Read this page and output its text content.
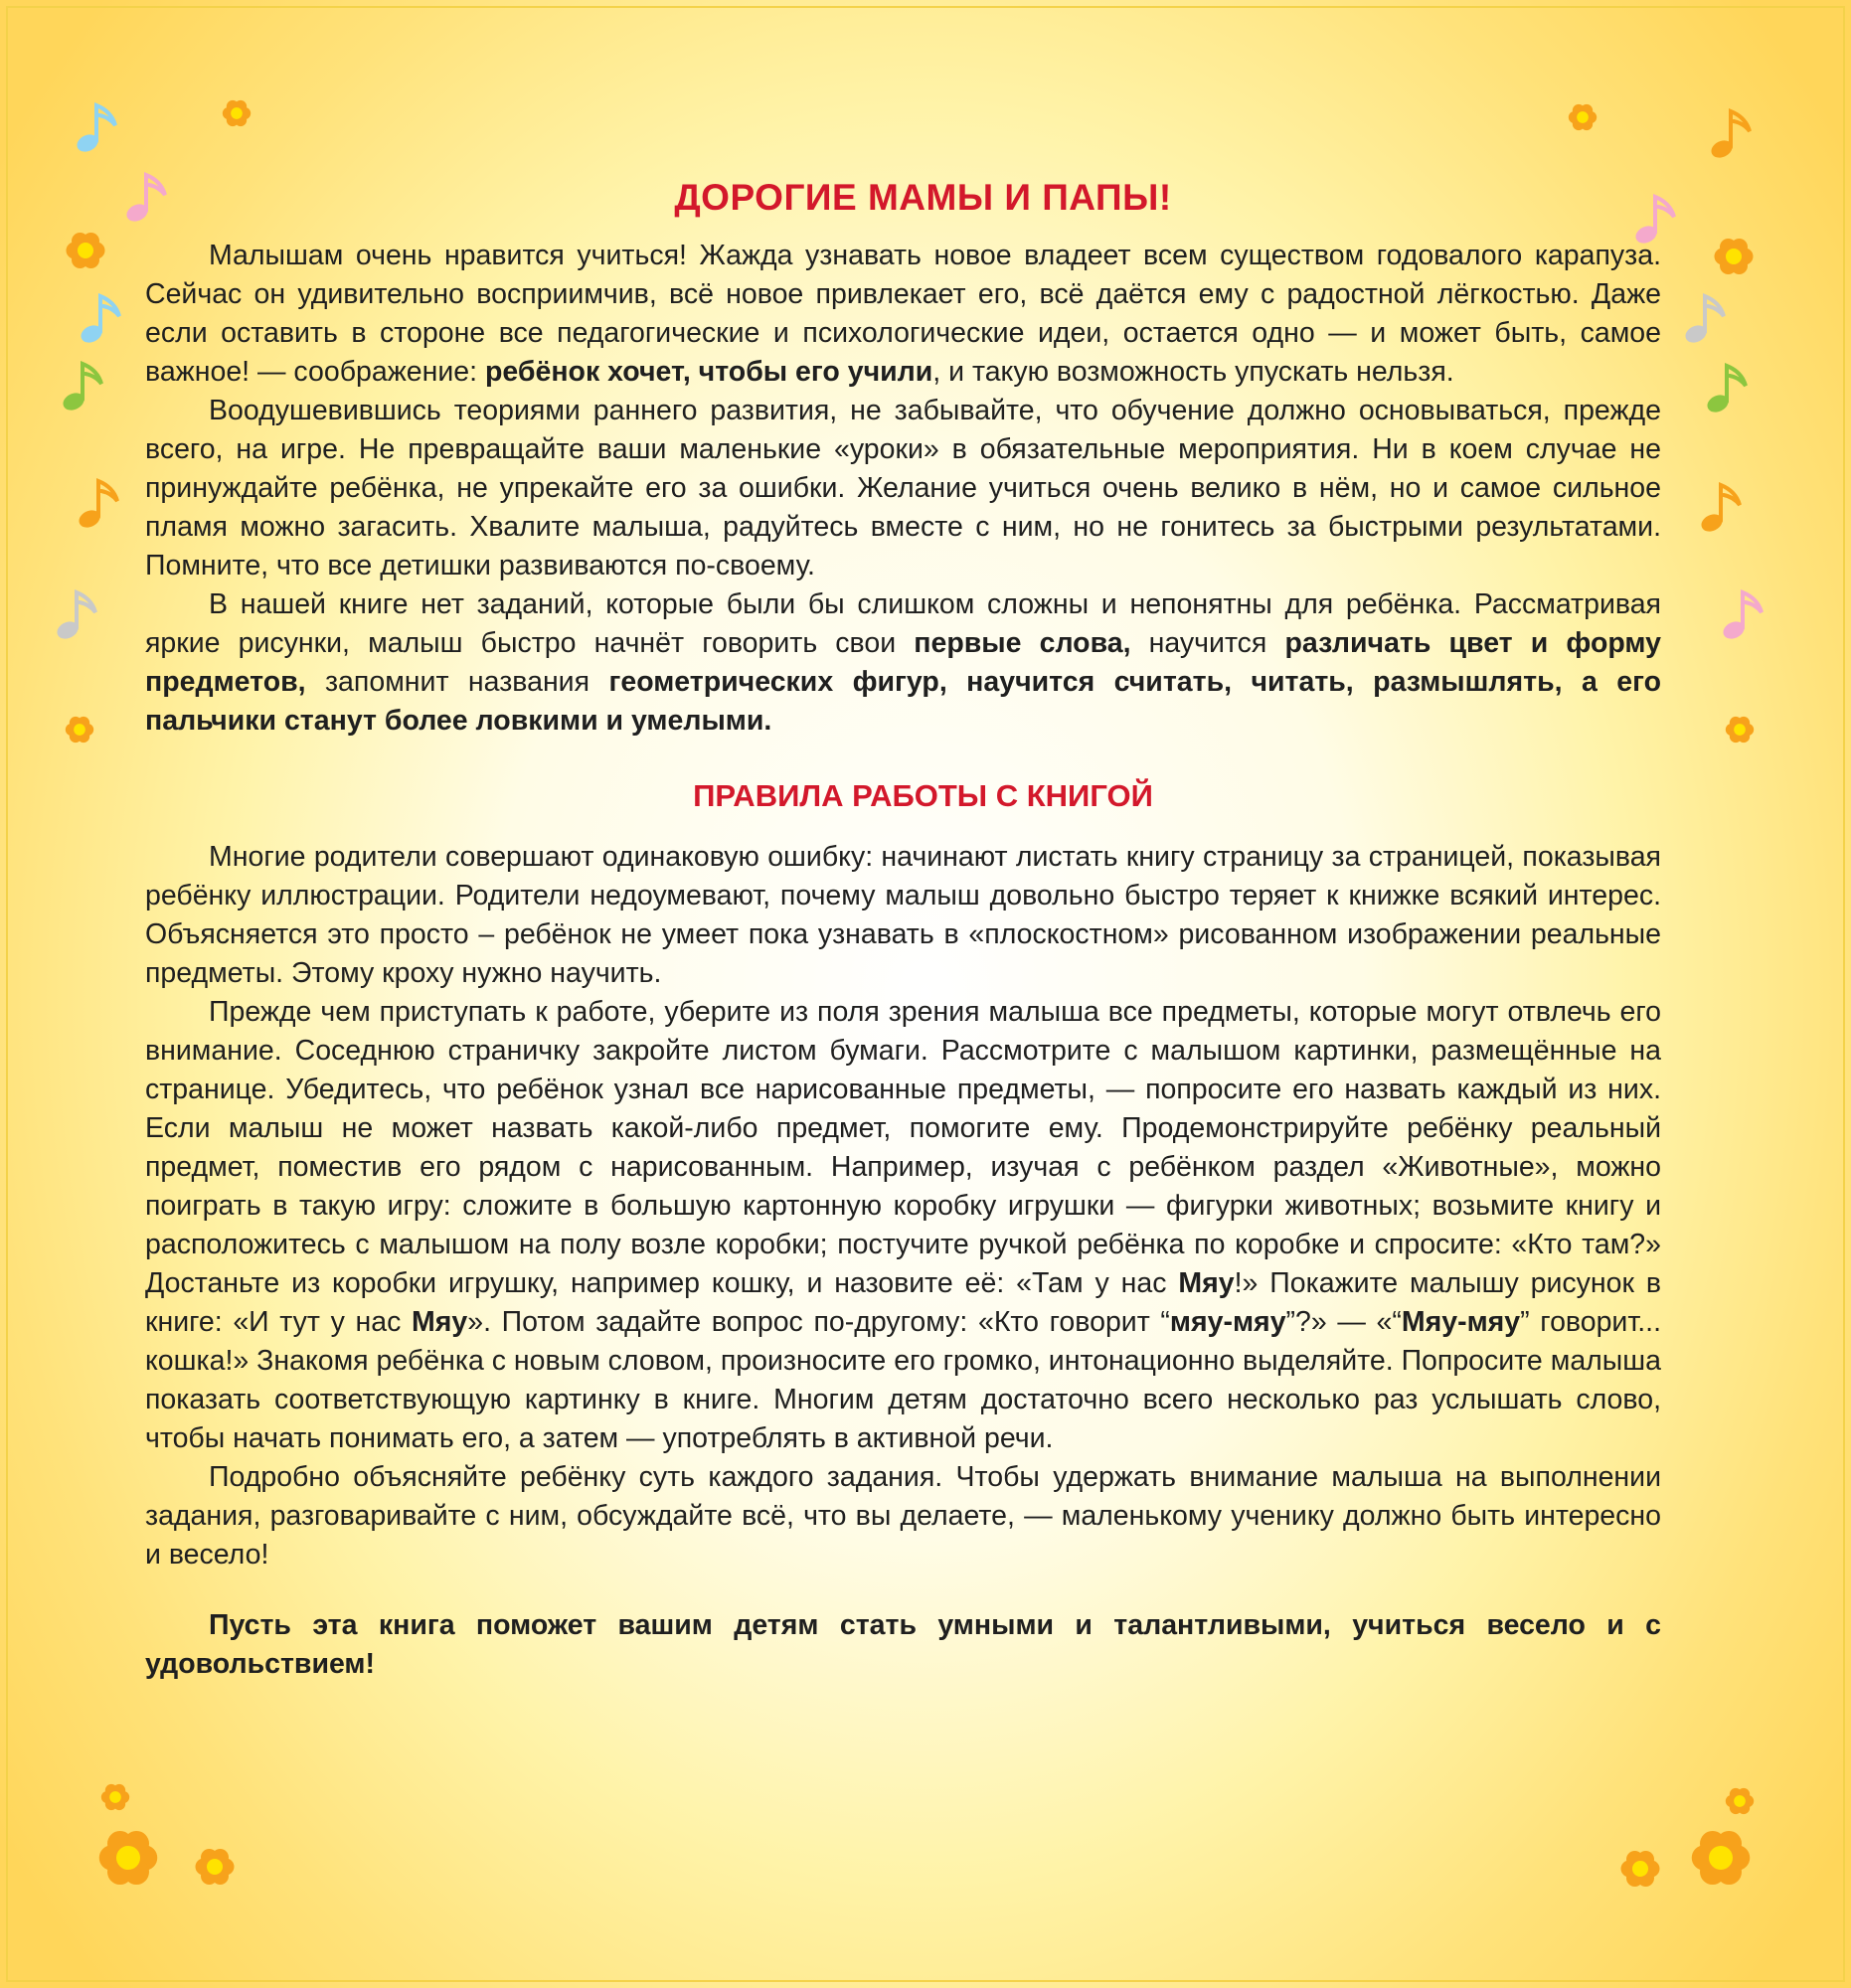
ДОРОГИЕ МАМЫ И ПАПЫ!

Малышам очень нравится учиться! Жажда узнавать новое владеет всем существом годовалого карапуза. Сейчас он удивительно восприимчив, всё новое привлекает его, всё даётся ему с радостной лёгкостью. Даже если оставить в стороне все педагогические и психологические идеи, остается одно — и может быть, самое важное! — соображение: ребёнок хочет, чтобы его учили, и такую возможность упускать нельзя.

Воодушевившись теориями раннего развития, не забывайте, что обучение должно основываться, прежде всего, на игре. Не превращайте ваши маленькие «уроки» в обязательные мероприятия. Ни в коем случае не принуждайте ребёнка, не упрекайте его за ошибки. Желание учиться очень велико в нём, но и самое сильное пламя можно загасить. Хвалите малыша, радуйтесь вместе с ним, но не гонитесь за быстрыми результатами. Помните, что все детишки развиваются по-своему.

В нашей книге нет заданий, которые были бы слишком сложны и непонятны для ребёнка. Рассматривая яркие рисунки, малыш быстро начнёт говорить свои первые слова, научится различать цвет и форму предметов, запомнит названия геометрических фигур, научится считать, читать, размышлять, а его пальчики станут более ловкими и умелыми.

ПРАВИЛА РАБОТЫ С КНИГОЙ

Многие родители совершают одинаковую ошибку: начинают листать книгу страницу за страницей, показывая ребёнку иллюстрации. Родители недоумевают, почему малыш довольно быстро теряет к книжке всякий интерес. Объясняется это просто – ребёнок не умеет пока узнавать в «плоскостном» рисованном изображении реальные предметы. Этому кроху нужно научить.

Прежде чем приступать к работе, уберите из поля зрения малыша все предметы, которые могут отвлечь его внимание. Соседнюю страничку закройте листом бумаги. Рассмотрите с малышом картинки, размещённые на странице. Убедитесь, что ребёнок узнал все нарисованные предметы, — попросите его назвать каждый из них. Если малыш не может назвать какой-либо предмет, помогите ему. Продемонстрируйте ребёнку реальный предмет, поместив его рядом с нарисованным. Например, изучая с ребёнком раздел «Животные», можно поиграть в такую игру: сложите в большую картонную коробку игрушки — фигурки животных; возьмите книгу и расположитесь с малышом на полу возле коробки; постучите ручкой ребёнка по коробке и спросите: «Кто там?» Достаньте из коробки игрушку, например кошку, и назовите её: «Там у нас Мяу!» Покажите малышу рисунок в книге: «И тут у нас Мяу». Потом задайте вопрос по-другому: «Кто говорит “мяу-мяу”?» — «“Мяу-мяу” говорит... кошка!» Знакомя ребёнка с новым словом, произносите его громко, интонационно выделяйте. Попросите малыша показать соответствующую картинку в книге. Многим детям достаточно всего несколько раз услышать слово, чтобы начать понимать его, а затем — употреблять в активной речи.

Подробно объясняйте ребёнку суть каждого задания. Чтобы удержать внимание малыша на выполнении задания, разговаривайте с ним, обсуждайте всё, что вы делаете, — маленькому ученику должно быть интересно и весело!

Пусть эта книга поможет вашим детям стать умными и талантливыми, учиться весело и с удовольствием!
